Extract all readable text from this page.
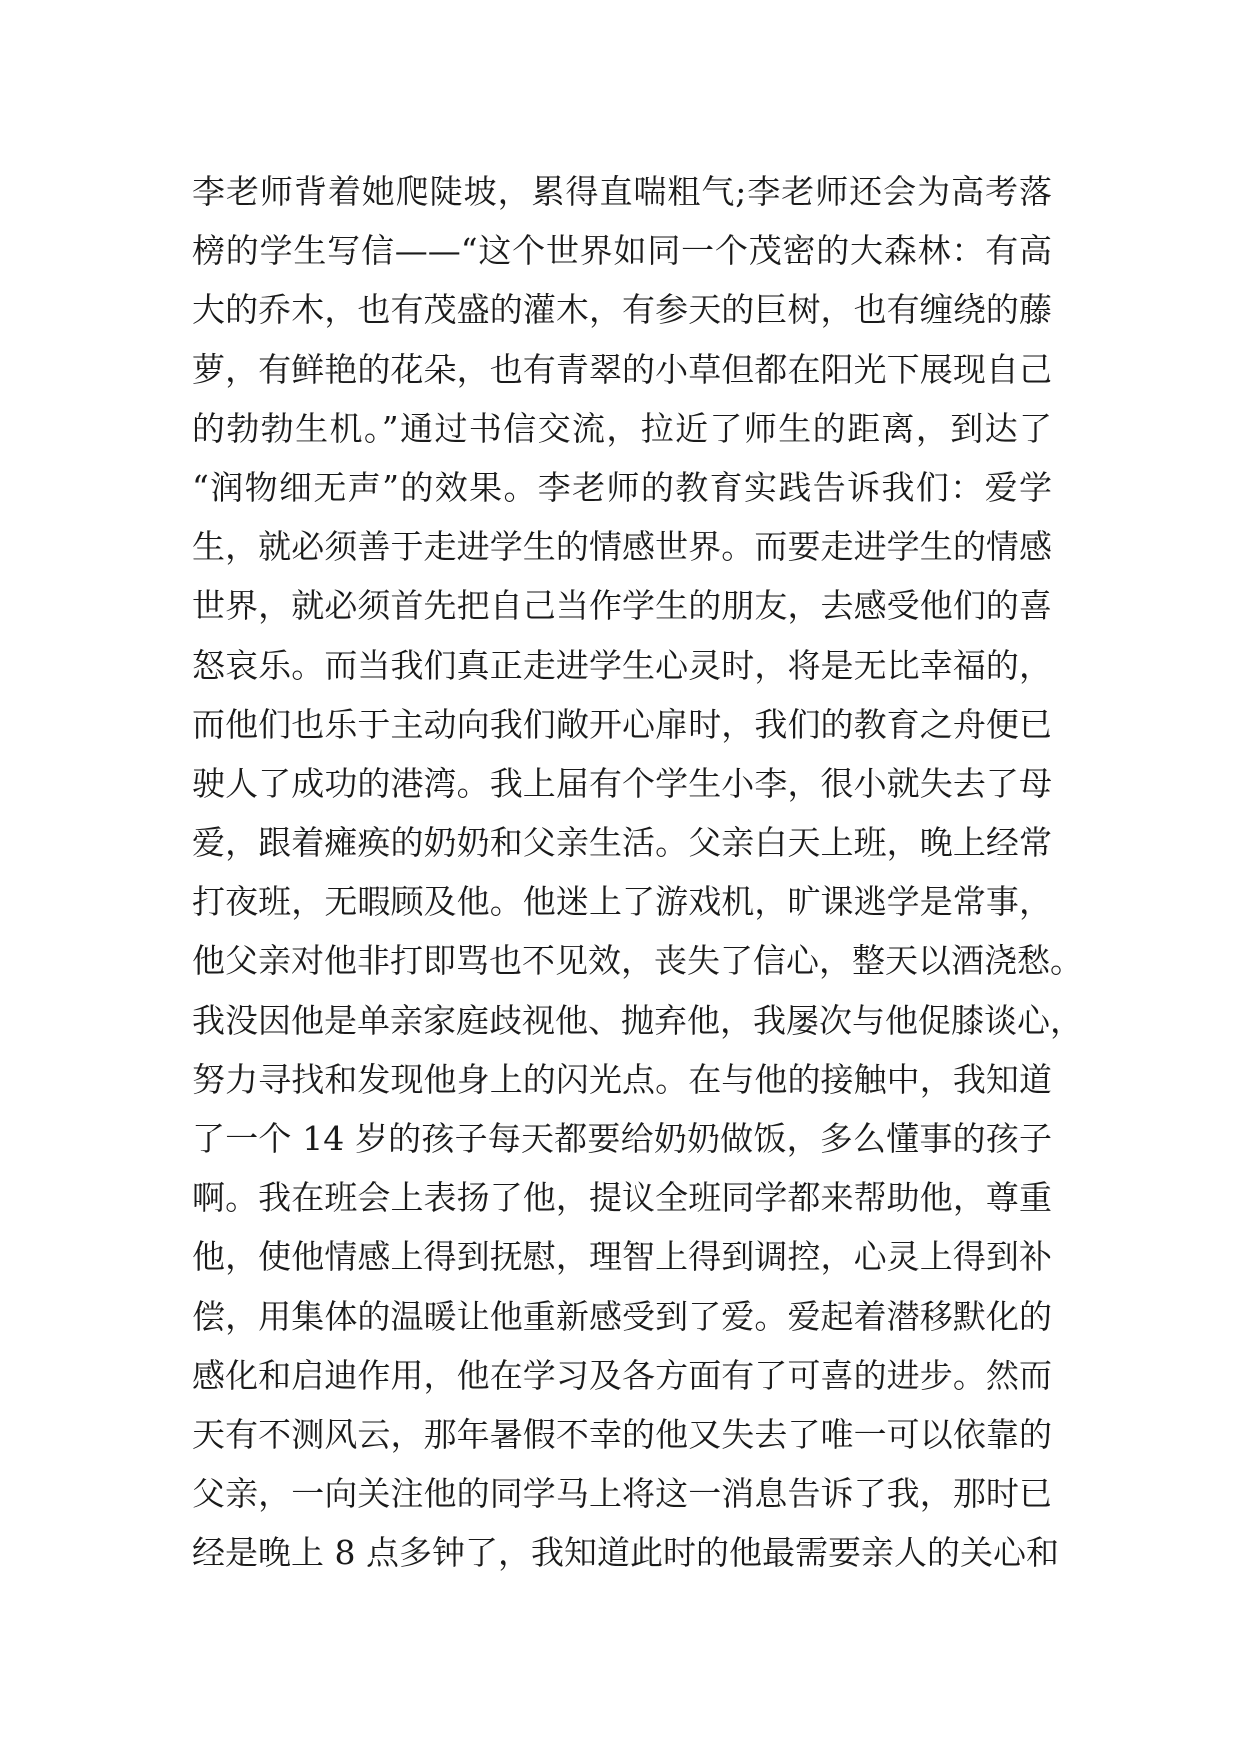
李老师背着她爬陡坡，累得直喘粗气;李老师还会为高考落
榜的学生写信——“这个世界如同一个茂密的大森林：有高
大的乔木，也有茂盛的灌木，有参天的巨树，也有缠绕的藤
萝，有鲜艳的花朵，也有青翠的小草但都在阳光下展现自己
的勃勃生机。”通过书信交流，拉近了师生的距离，到达了
“润物细无声”的效果。李老师的教育实践告诉我们：爱学
生，就必须善于走进学生的情感世界。而要走进学生的情感
世界，就必须首先把自己当作学生的朋友，去感受他们的喜
怒哀乐。而当我们真正走进学生心灵时，将是无比幸福的，
而他们也乐于主动向我们敞开心扉时，我们的教育之舟便已
驶人了成功的港湾。我上届有个学生小李，很小就失去了母
爱，跟着瘫痪的奶奶和父亲生活。父亲白天上班，晚上经常
打夜班，无暇顾及他。他迷上了游戏机，旷课逃学是常事，
他父亲对他非打即骂也不见效，丧失了信心，整天以酒浇愁。
我没因他是单亲家庭歧视他、抛弃他，我屡次与他促膝谈心，
努力寻找和发现他身上的闪光点。在与他的接触中，我知道
了一个 14 岁的孩子每天都要给奶奶做饭，多么懂事的孩子
啊。我在班会上表扬了他，提议全班同学都来帮助他，尊重
他，使他情感上得到抚慰，理智上得到调控，心灵上得到补
偿，用集体的温暖让他重新感受到了爱。爱起着潜移默化的
感化和启迪作用，他在学习及各方面有了可喜的进步。然而
天有不测风云，那年暑假不幸的他又失去了唯一可以依靠的
父亲，一向关注他的同学马上将这一消息告诉了我，那时已
经是晚上 8 点多钟了，我知道此时的他最需要亲人的关心和
